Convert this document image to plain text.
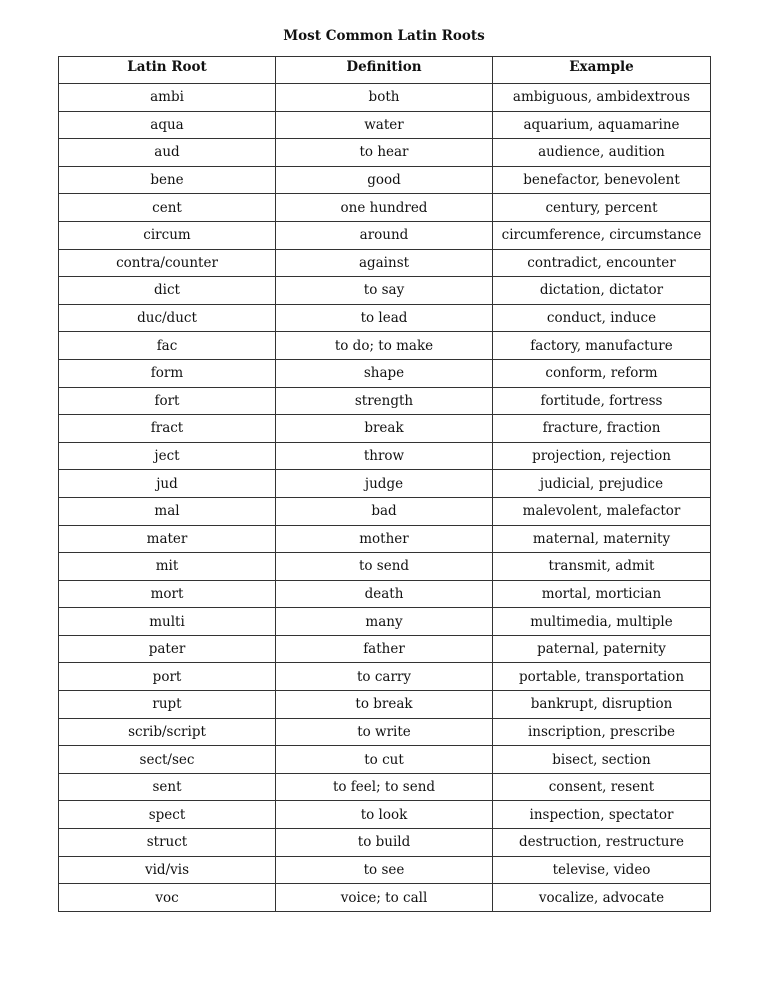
Most Common Latin Roots
Latin Root	Definition	Example
ambi	both	ambiguous, ambidextrous
aqua	water	aquarium, aquamarine
aud	to hear	audience, audition
bene	good	benefactor, benevolent
cent	one hundred	century, percent
circum	around	circumference, circumstance
contra/counter	against	contradict, encounter
dict	to say	dictation, dictator
duc/duct	to lead	conduct, induce
fac	to do; to make	factory, manufacture
form	shape	conform, reform
fort	strength	fortitude, fortress
fract	break	fracture, fraction
ject	throw	projection, rejection
jud	judge	judicial, prejudice
mal	bad	malevolent, malefactor
mater	mother	maternal, maternity
mit	to send	transmit, admit
mort	death	mortal, mortician
multi	many	multimedia, multiple
pater	father	paternal, paternity
port	to carry	portable, transportation
rupt	to break	bankrupt, disruption
scrib/script	to write	inscription, prescribe
sect/sec	to cut	bisect, section
sent	to feel; to send	consent, resent
spect	to look	inspection, spectator
struct	to build	destruction, restructure
vid/vis	to see	televise, video
voc	voice; to call	vocalize, advocate
